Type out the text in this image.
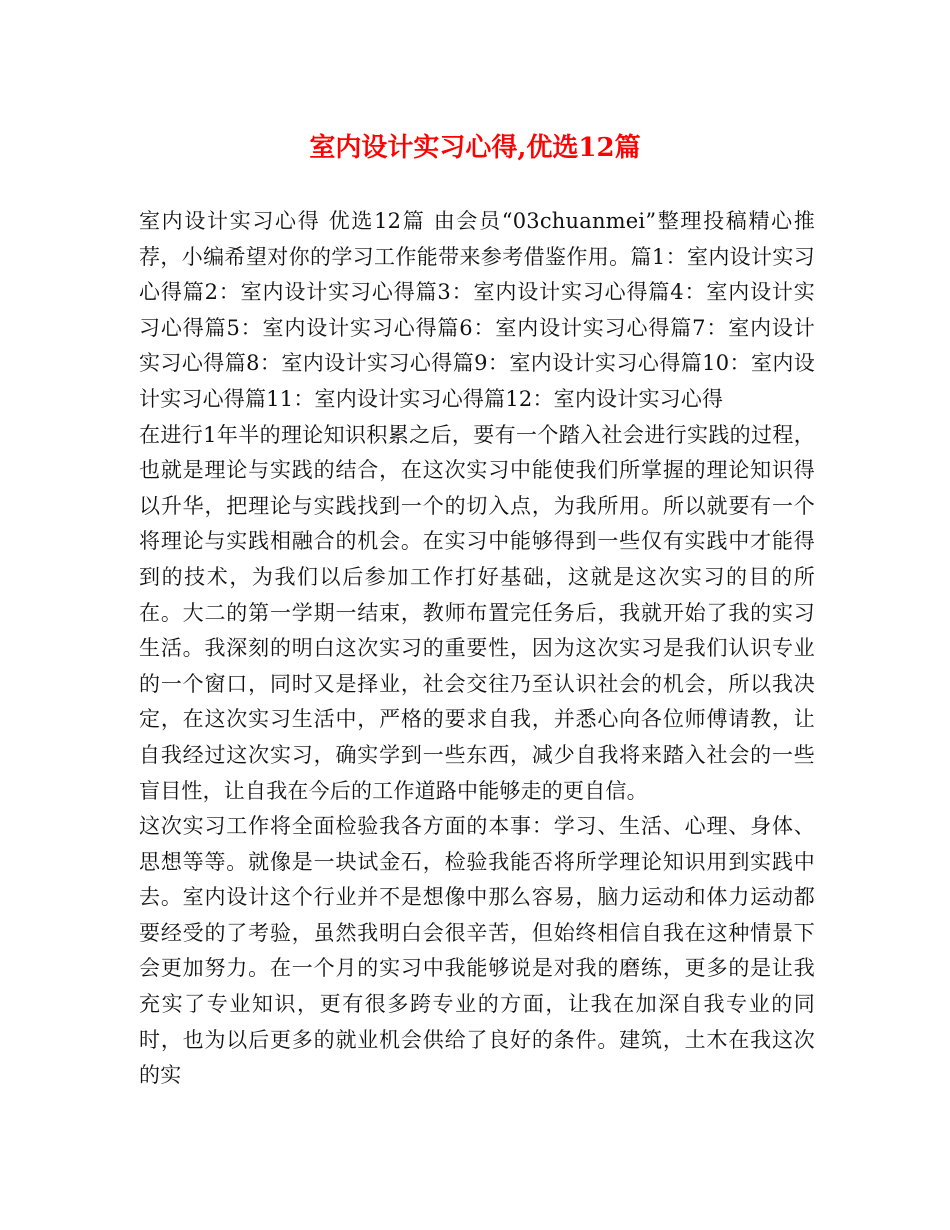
室内设计实习心得,优选12篇

室内设计实习心得 优选12篇 由会员“03chuanmei”整理投稿精心推荐，小编希望对你的学习工作能带来参考借鉴作用。篇1：室内设计实习心得篇2：室内设计实习心得篇3：室内设计实习心得篇4：室内设计实习心得篇5：室内设计实习心得篇6：室内设计实习心得篇7：室内设计实习心得篇8：室内设计实习心得篇9：室内设计实习心得篇10：室内设计实习心得篇11：室内设计实习心得篇12：室内设计实习心得

在进行1年半的理论知识积累之后，要有一个踏入社会进行实践的过程，也就是理论与实践的结合，在这次实习中能使我们所掌握的理论知识得以升华，把理论与实践找到一个的切入点，为我所用。所以就要有一个将理论与实践相融合的机会。在实习中能够得到一些仅有实践中才能得到的技术，为我们以后参加工作打好基础，这就是这次实习的目的所在。大二的第一学期一结束，教师布置完任务后，我就开始了我的实习生活。我深刻的明白这次实习的重要性，因为这次实习是我们认识专业的一个窗口，同时又是择业，社会交往乃至认识社会的机会，所以我决定，在这次实习生活中，严格的要求自我，并悉心向各位师傅请教，让自我经过这次实习，确实学到一些东西，减少自我将来踏入社会的一些盲目性，让自我在今后的工作道路中能够走的更自信。

这次实习工作将全面检验我各方面的本事：学习、生活、心理、身体、思想等等。就像是一块试金石，检验我能否将所学理论知识用到实践中去。室内设计这个行业并不是想像中那么容易，脑力运动和体力运动都要经受的了考验，虽然我明白会很辛苦，但始终相信自我在这种情景下会更加努力。在一个月的实习中我能够说是对我的磨练，更多的是让我充实了专业知识，更有很多跨专业的方面，让我在加深自我专业的同时，也为以后更多的就业机会供给了良好的条件。建筑，土木在我这次的实
